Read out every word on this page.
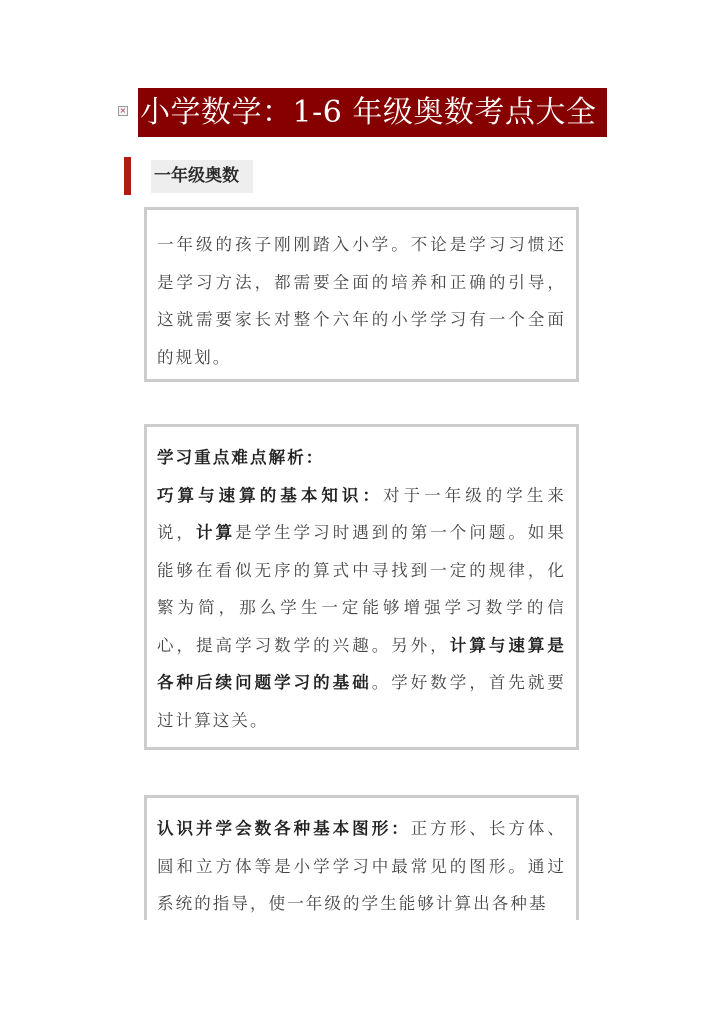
× 小学数学：1-6 年级奥数考点大全
一年级奥数

一年级的孩子刚刚踏入小学。不论是学习习惯还是学习方法，都需要全面的培养和正确的引导，这就需要家长对整个六年的小学学习有一个全面的规划。

学习重点难点解析：

巧算与速算的基本知识：对于一年级的学生来说，计算是学生学习时遇到的第一个问题。如果能够在看似无序的算式中寻找到一定的规律，化繁为简，那么学生一定能够增强学习数学的信心，提高学习数学的兴趣。另外，计算与速算是各种后续问题学习的基础。学好数学，首先就要过计算这关。

认识并学会数各种基本图形：正方形、长方体、圆和立方体等是小学学习中最常见的图形。通过系统的指导，使一年级的学生能够计算出各种基
